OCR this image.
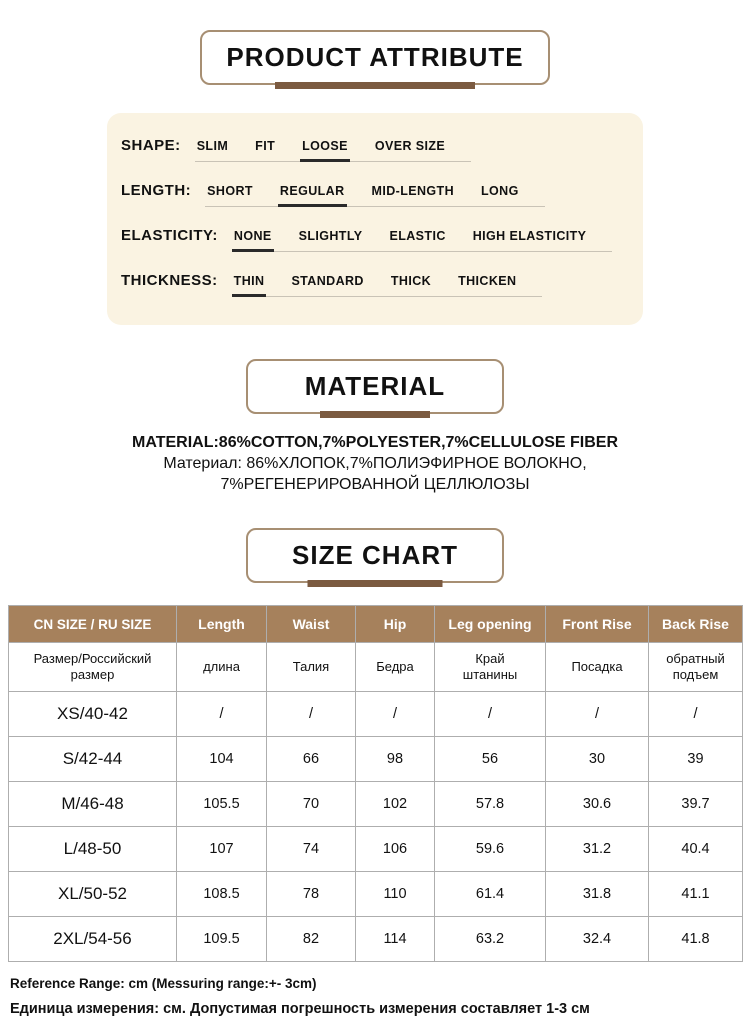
PRODUCT ATTRIBUTE
SHAPE: SLIM FIT LOOSE OVER SIZE
LENGTH: SHORT REGULAR MID-LENGTH LONG
ELASTICITY: NONE SLIGHTLY ELASTIC HIGH ELASTICITY
THICKNESS: THIN STANDARD THICK THICKEN
MATERIAL

MATERIAL:86%COTTON,7%POLYESTER,7%CELLULOSE FIBER

Материал: 86%ХЛОПОК,7%ПОЛИЭФИРНОЕ ВОЛОКНО,

7%РЕГЕНЕРИРОВАННОЙ ЦЕЛЛЮЛОЗЫ

SIZE CHART
CN SIZE / RU SIZE	Length	Waist	Hip	Leg opening	Front Rise	Back Rise
Размер/Российский размер	длина	Талия	Бедра	Край штанины	Посадка	обратный подъем
XS/40-42	/	/	/	/	/	/
S/42-44	104	66	98	56	30	39
M/46-48	105.5	70	102	57.8	30.6	39.7
L/48-50	107	74	106	59.6	31.2	40.4
XL/50-52	108.5	78	110	61.4	31.8	41.1
2XL/54-56	109.5	82	114	63.2	32.4	41.8

Reference Range: cm (Messuring range:+- 3cm)

Единица измерения: см. Допустимая погрешность измерения составляет 1-3 см
